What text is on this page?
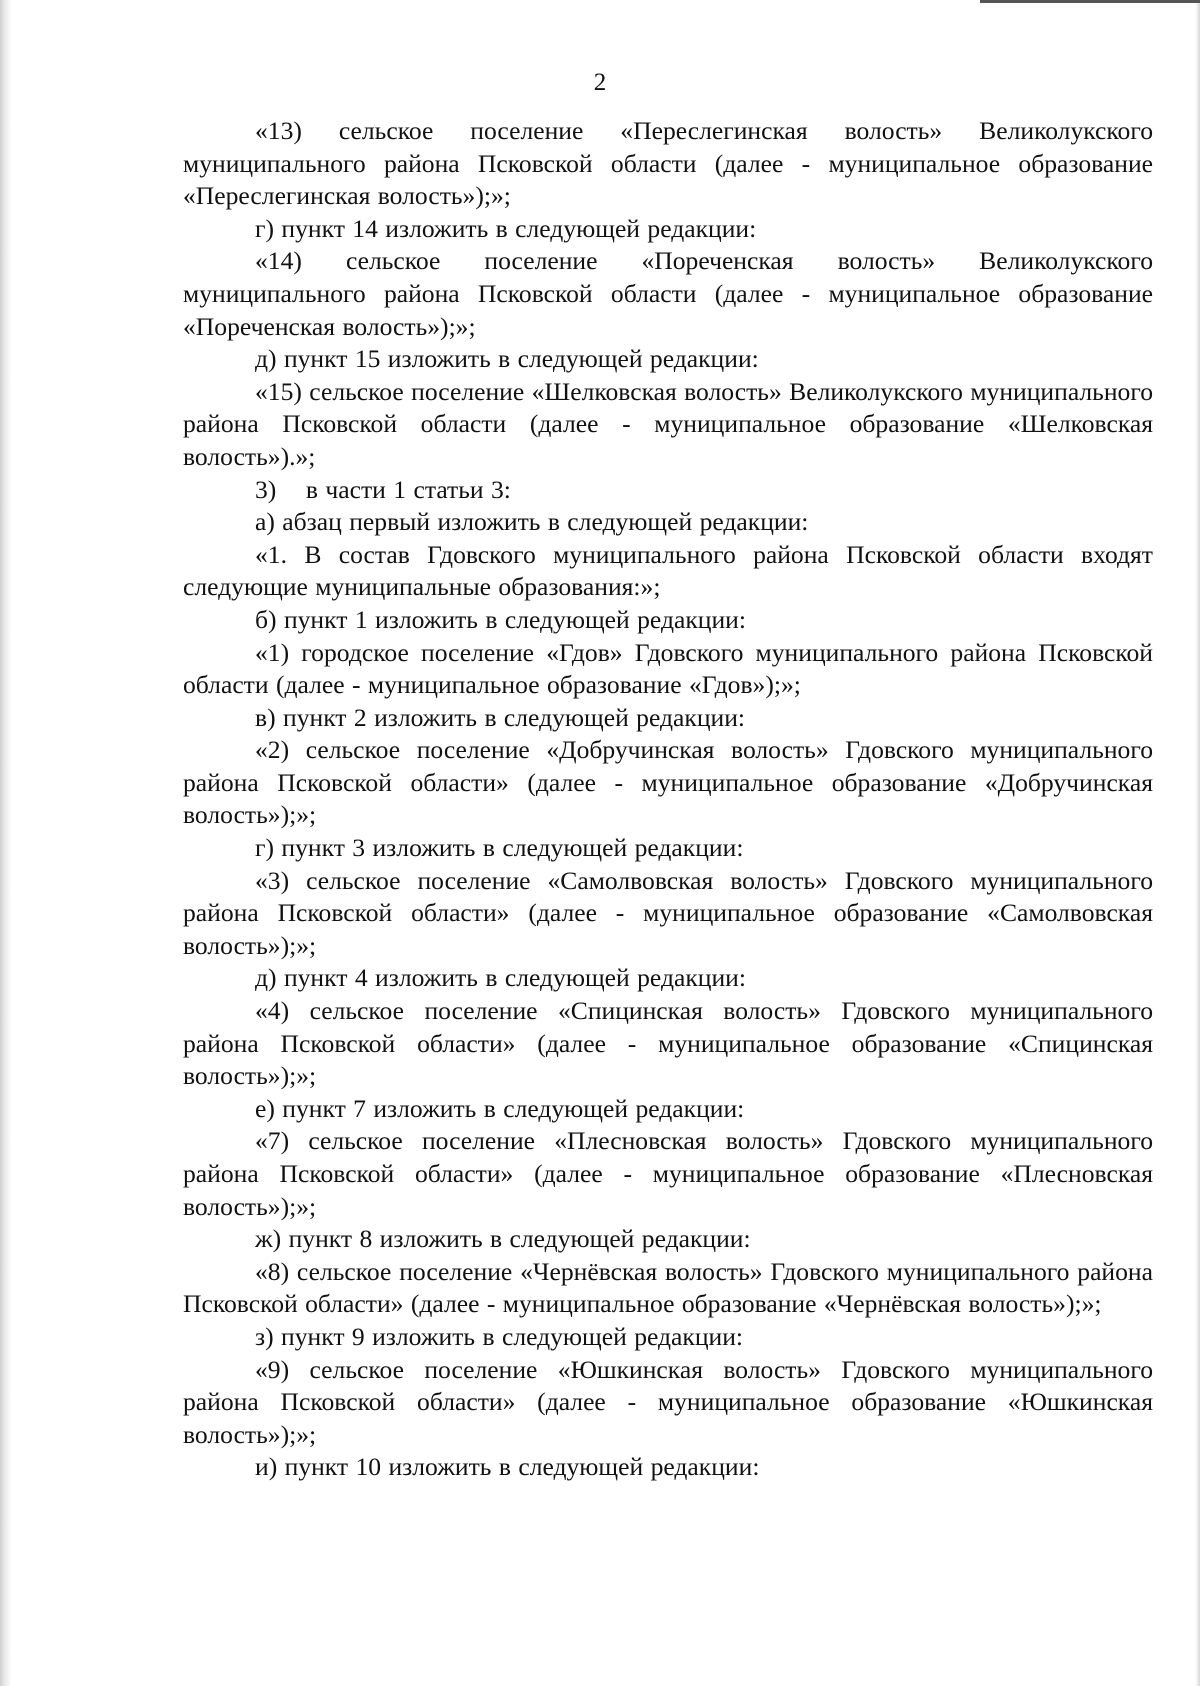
2

«13) сельское поселение «Переслегинская волость» Великолукского муниципального района Псковской области (далее - муниципальное образование «Переслегинская волость»);»;

г) пункт 14 изложить в следующей редакции:

«14) сельское поселение «Пореченская волость» Великолукского муниципального района Псковской области (далее - муниципальное образование «Пореченская волость»);»;

д) пункт 15 изложить в следующей редакции:

«15) сельское поселение «Шелковская волость» Великолукского муниципального района Псковской области (далее - муниципальное образование «Шелковская волость»).»;

3)    в части 1 статьи 3:

а) абзац первый изложить в следующей редакции:

«1. В состав Гдовского муниципального района Псковской области входят следующие муниципальные образования:»;

б) пункт 1 изложить в следующей редакции:

«1) городское поселение «Гдов» Гдовского муниципального района Псковской области (далее - муниципальное образование «Гдов»);»;

в) пункт 2 изложить в следующей редакции:

«2) сельское поселение «Добручинская волость» Гдовского муниципального района Псковской области» (далее - муниципальное образование «Добручинская волость»);»;

г) пункт 3 изложить в следующей редакции:

«3) сельское поселение «Самолвовская волость» Гдовского муниципального района Псковской области» (далее - муниципальное образование «Самолвовская волость»);»;

д) пункт 4 изложить в следующей редакции:

«4) сельское поселение «Спицинская волость» Гдовского муниципального района Псковской области» (далее - муниципальное образование «Спицинская волость»);»;

е) пункт 7 изложить в следующей редакции:

«7) сельское поселение «Плесновская волость» Гдовского муниципального района Псковской области» (далее - муниципальное образование «Плесновская волость»);»;

ж) пункт 8 изложить в следующей редакции:

«8) сельское поселение «Чернёвская волость» Гдовского муниципального района Псковской области» (далее - муниципальное образование «Чернёвская волость»);»;

з) пункт 9 изложить в следующей редакции:

«9) сельское поселение «Юшкинская волость» Гдовского муниципального района Псковской области» (далее - муниципальное образование «Юшкинская волость»);»;

и) пункт 10 изложить в следующей редакции:
